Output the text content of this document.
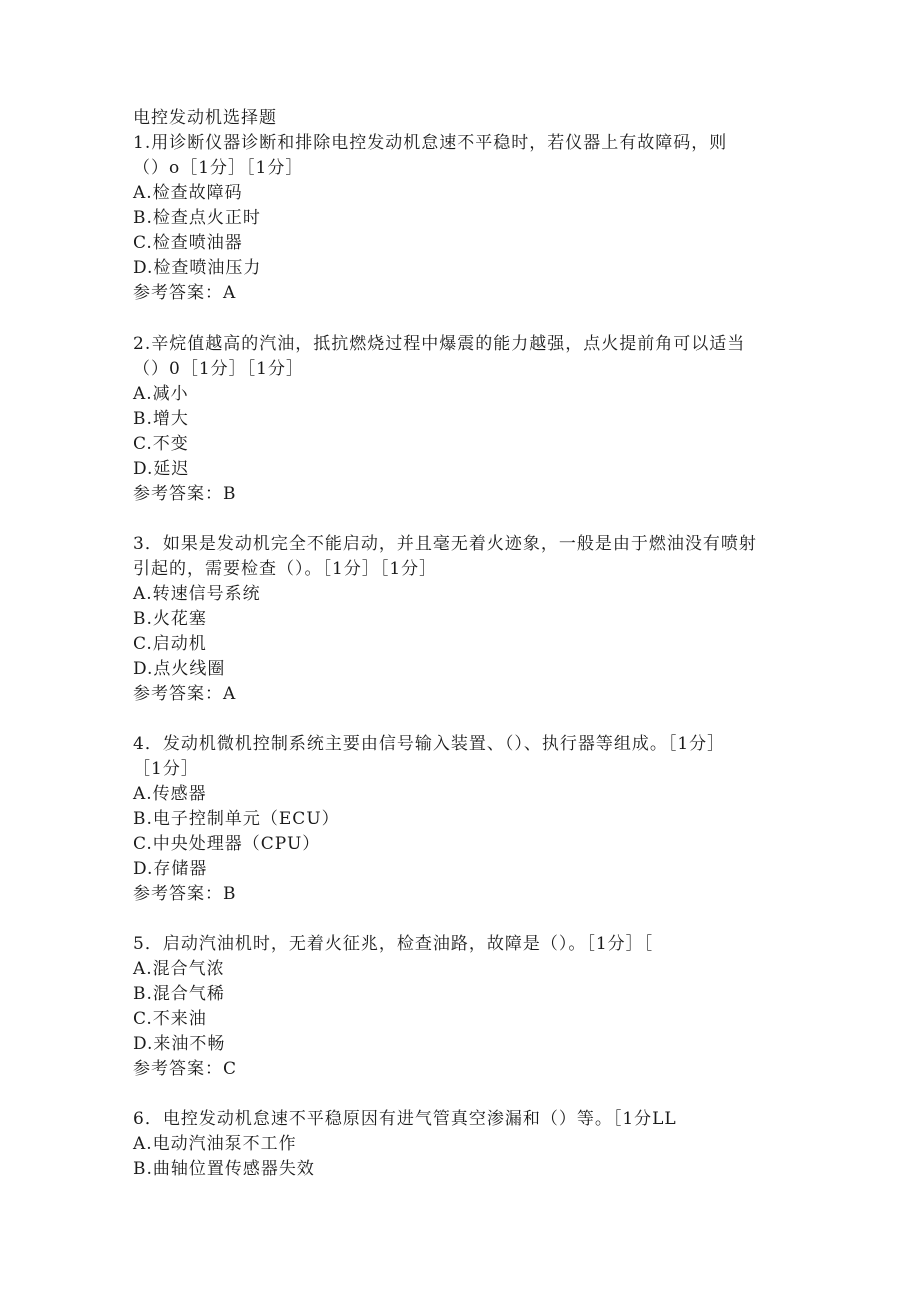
电控发动机选择题
1.用诊断仪器诊断和排除电控发动机怠速不平稳时，若仪器上有故障码，则
（）o［1分］［1分］
A.检查故障码
B.检查点火正时
C.检查喷油器
D.检查喷油压力
参考答案：A
2.辛烷值越高的汽油，抵抗燃烧过程中爆震的能力越强，点火提前角可以适当
（）0［1分］［1分］
A.减小
B.增大
C.不变
D.延迟
参考答案：B
3．如果是发动机完全不能启动，并且毫无着火迹象，一般是由于燃油没有喷射
引起的，需要检查（）。［1分］［1分］
A.转速信号系统
B.火花塞
C.启动机
D.点火线圈
参考答案：A
4．发动机微机控制系统主要由信号输入装置、（）、执行器等组成。［1分］
［1分］
A.传感器
B.电子控制单元（ECU）
C.中央处理器（CPU）
D.存储器
参考答案：B
5．启动汽油机时，无着火征兆，检查油路，故障是（）。［1分］［
A.混合气浓
B.混合气稀
C.不来油
D.来油不畅
参考答案：C
6．电控发动机怠速不平稳原因有进气管真空渗漏和（）等。［1分LL
A.电动汽油泵不工作
B.曲轴位置传感器失效
